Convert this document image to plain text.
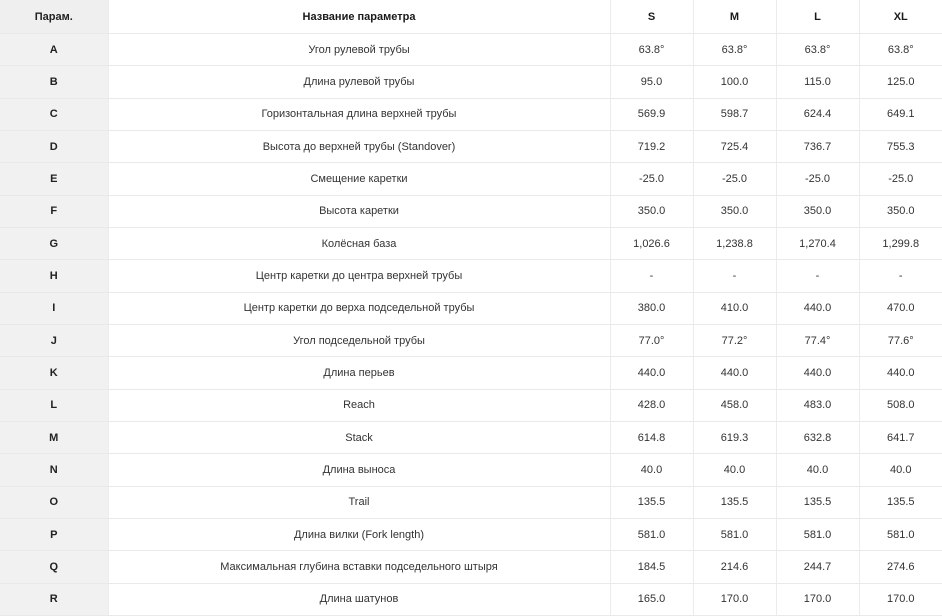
Парам.	Название параметра	S	M	L	XL
A	Угол рулевой трубы	63.8°	63.8°	63.8°	63.8°
B	Длина рулевой трубы	95.0	100.0	115.0	125.0
C	Горизонтальная длина верхней трубы	569.9	598.7	624.4	649.1
D	Высота до верхней трубы (Standover)	719.2	725.4	736.7	755.3
E	Смещение каретки	-25.0	-25.0	-25.0	-25.0
F	Высота каретки	350.0	350.0	350.0	350.0
G	Колёсная база	1,026.6	1,238.8	1,270.4	1,299.8
H	Центр каретки до центра верхней трубы	-	-	-	-
I	Центр каретки до верха подседельной трубы	380.0	410.0	440.0	470.0
J	Угол подседельной трубы	77.0°	77.2°	77.4°	77.6°
K	Длина перьев	440.0	440.0	440.0	440.0
L	Reach	428.0	458.0	483.0	508.0
M	Stack	614.8	619.3	632.8	641.7
N	Длина выноса	40.0	40.0	40.0	40.0
O	Trail	135.5	135.5	135.5	135.5
P	Длина вилки (Fork length)	581.0	581.0	581.0	581.0
Q	Максимальная глубина вставки подседельного штыря	184.5	214.6	244.7	274.6
R	Длина шатунов	165.0	170.0	170.0	170.0
